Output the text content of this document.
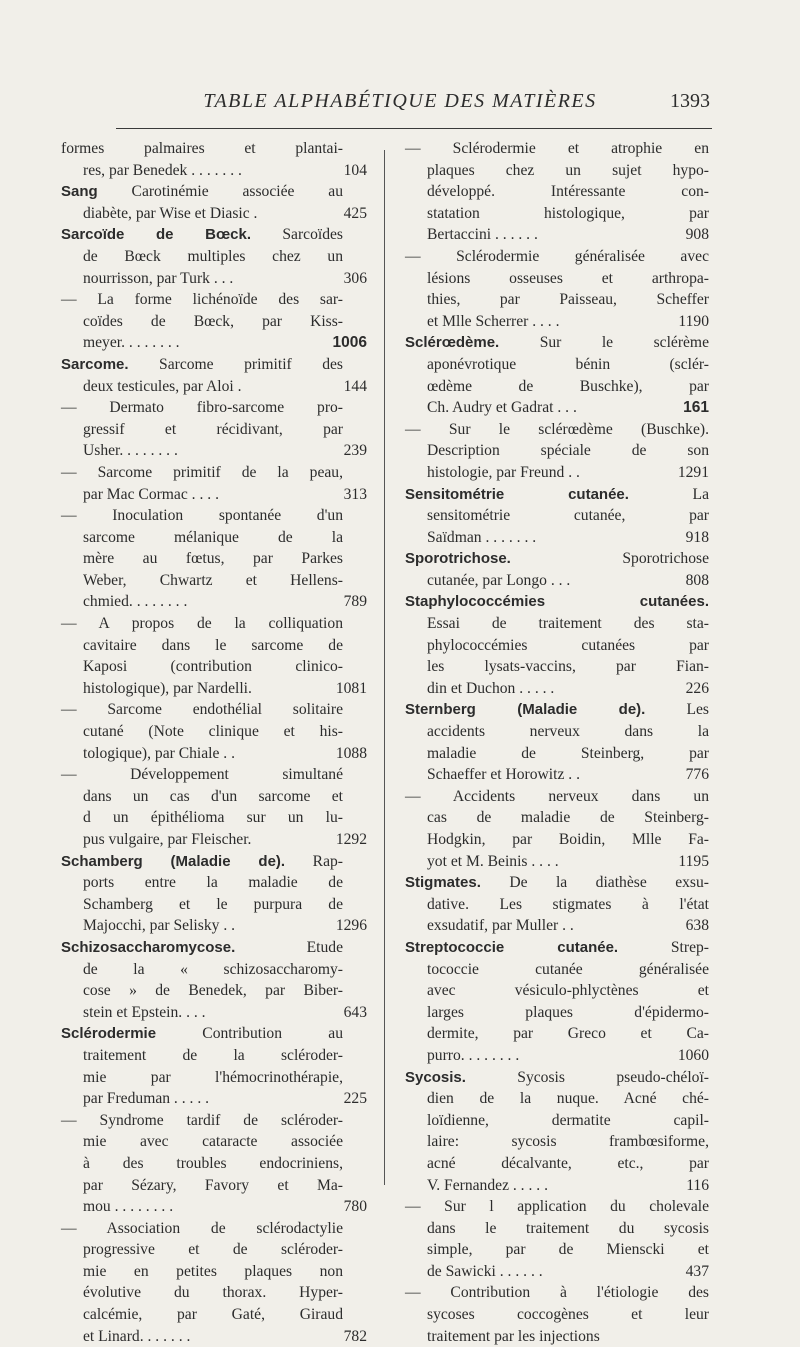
TABLE ALPHABÉTIQUE DES MATIÈRES	1393
formes palmaires et plantai-
res, par Benedek . . . . . . .	104
Sang Carotinémie associée au
diabète, par Wise et Diasic .	425
Sarcoïde de Bœck. Sarcoïdes
de Bœck multiples chez un
nourrisson, par Turk . . .	306
— La forme lichénoïde des sar-
coïdes de Bœck, par Kiss-
meyer. . . . . . . .	1006
Sarcome. Sarcome primitif des
deux testicules, par Aloi .	144
— Dermato fibro-sarcome pro-
gressif et récidivant, par
Usher. . . . . . . .	239
— Sarcome primitif de la peau,
par Mac Cormac . . . .	313
— Inoculation spontanée d'un
sarcome mélanique de la
mère au fœtus, par Parkes
Weber, Chwartz et Hellens-
chmied. . . . . . . .	789
— A propos de la colliquation
cavitaire dans le sarcome de
Kaposi (contribution clinico-
histologique), par Nardelli.	1081
— Sarcome endothélial solitaire
cutané (Note clinique et his-
tologique), par Chiale . .	1088
— Développement simultané
dans un cas d'un sarcome et
d un épithélioma sur un lu-
pus vulgaire, par Fleischer.	1292
Schamberg (Maladie de). Rap-
ports entre la maladie de
Schamberg et le purpura de
Majocchi, par Selisky . .	1296
Schizosaccharomycose. Etude
de la « schizosaccharomy-
cose » de Benedek, par Biber-
stein et Epstein. . . .	643
Sclérodermie Contribution au
traitement de la scléroder-
mie par l'hémocrinothérapie,
par Freduman . . . . .	225
— Syndrome tardif de scléroder-
mie avec cataracte associée
à des troubles endocriniens,
par Sézary, Favory et Ma-
mou . . . . . . . .	780
— Association de sclérodactylie
progressive et de scléroder-
mie en petites plaques non
évolutive du thorax. Hyper-
calcémie, par Gaté, Giraud
et Linard. . . . . . .	782
— Sclérodermie et atrophie en
plaques chez un sujet hypo-
développé. Intéressante con-
statation histologique, par
Bertaccini . . . . . .	908
— Sclérodermie généralisée avec
lésions osseuses et arthropa-
thies, par Paisseau, Scheffer
et Mlle Scherrer . . . .	1190
Sclérœdème. Sur le sclérème
aponévrotique bénin (sclér-
œdème de Buschke), par
Ch. Audry et Gadrat . . .	161
— Sur le sclérœdème (Buschke).
Description spéciale de son
histologie, par Freund . .	1291
Sensitométrie cutanée. La
sensitométrie cutanée, par
Saïdman . . . . . . .	918
Sporotrichose. Sporotrichose
cutanée, par Longo . . .	808
Staphylococcémies cutanées.
Essai de traitement des sta-
phylococcémies cutanées par
les lysats-vaccins, par Fian-
din et Duchon . . . . .	226
Sternberg (Maladie de). Les
accidents nerveux dans la
maladie de Steinberg, par
Schaeffer et Horowitz . .	776
— Accidents nerveux dans un
cas de maladie de Steinberg-
Hodgkin, par Boidin, Mlle Fa-
yot et M. Beinis . . . .	1195
Stigmates. De la diathèse exsu-
dative. Les stigmates à l'état
exsudatif, par Muller . .	638
Streptococcie cutanée. Strep-
tococcie cutanée généralisée
avec vésiculo-phlyctènes et
larges plaques d'épidermo-
dermite, par Greco et Ca-
purro. . . . . . . .	1060
Sycosis. Sycosis pseudo-chéloï-
dien de la nuque. Acné ché-
loïdienne, dermatite capil-
laire: sycosis frambœsiforme,
acné décalvante, etc., par
V. Fernandez . . . . .	116
— Sur l application du cholevale
dans le traitement du sycosis
simple, par de Mienscki et
de Sawicki . . . . . .	437
— Contribution à l'étiologie des
sycoses coccogènes et leur
traitement par les injections
